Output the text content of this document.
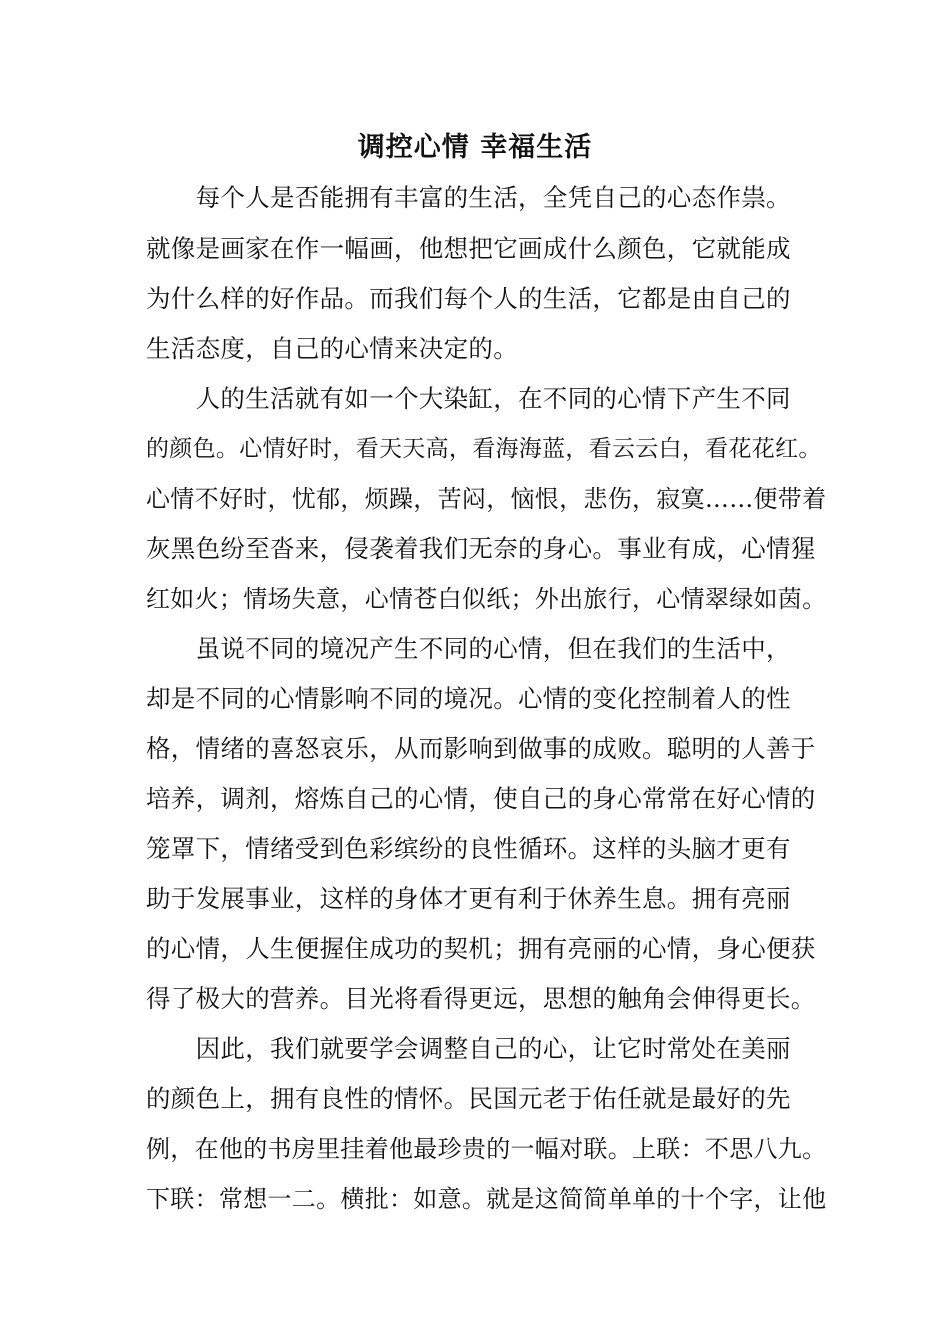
调控心情 幸福生活
　　每个人是否能拥有丰富的生活，全凭自己的心态作祟。
就像是画家在作一幅画，他想把它画成什么颜色，它就能成
为什么样的好作品。而我们每个人的生活，它都是由自己的
生活态度，自己的心情来决定的。
　　人的生活就有如一个大染缸，在不同的心情下产生不同
的颜色。心情好时，看天天高，看海海蓝，看云云白，看花花红。
心情不好时，忧郁，烦躁，苦闷，恼恨，悲伤，寂寞……便带着
灰黑色纷至沓来，侵袭着我们无奈的身心。事业有成，心情猩
红如火；情场失意，心情苍白似纸；外出旅行，心情翠绿如茵。
　　虽说不同的境况产生不同的心情，但在我们的生活中，
却是不同的心情影响不同的境况。心情的变化控制着人的性
格，情绪的喜怒哀乐，从而影响到做事的成败。聪明的人善于
培养，调剂，熔炼自己的心情，使自己的身心常常在好心情的
笼罩下，情绪受到色彩缤纷的良性循环。这样的头脑才更有
助于发展事业，这样的身体才更有利于休养生息。拥有亮丽
的心情，人生便握住成功的契机；拥有亮丽的心情，身心便获
得了极大的营养。目光将看得更远，思想的触角会伸得更长。
　　因此，我们就要学会调整自己的心，让它时常处在美丽
的颜色上，拥有良性的情怀。民国元老于佑任就是最好的先
例，在他的书房里挂着他最珍贵的一幅对联。上联：不思八九。
下联：常想一二。横批：如意。就是这简简单单的十个字，让他
